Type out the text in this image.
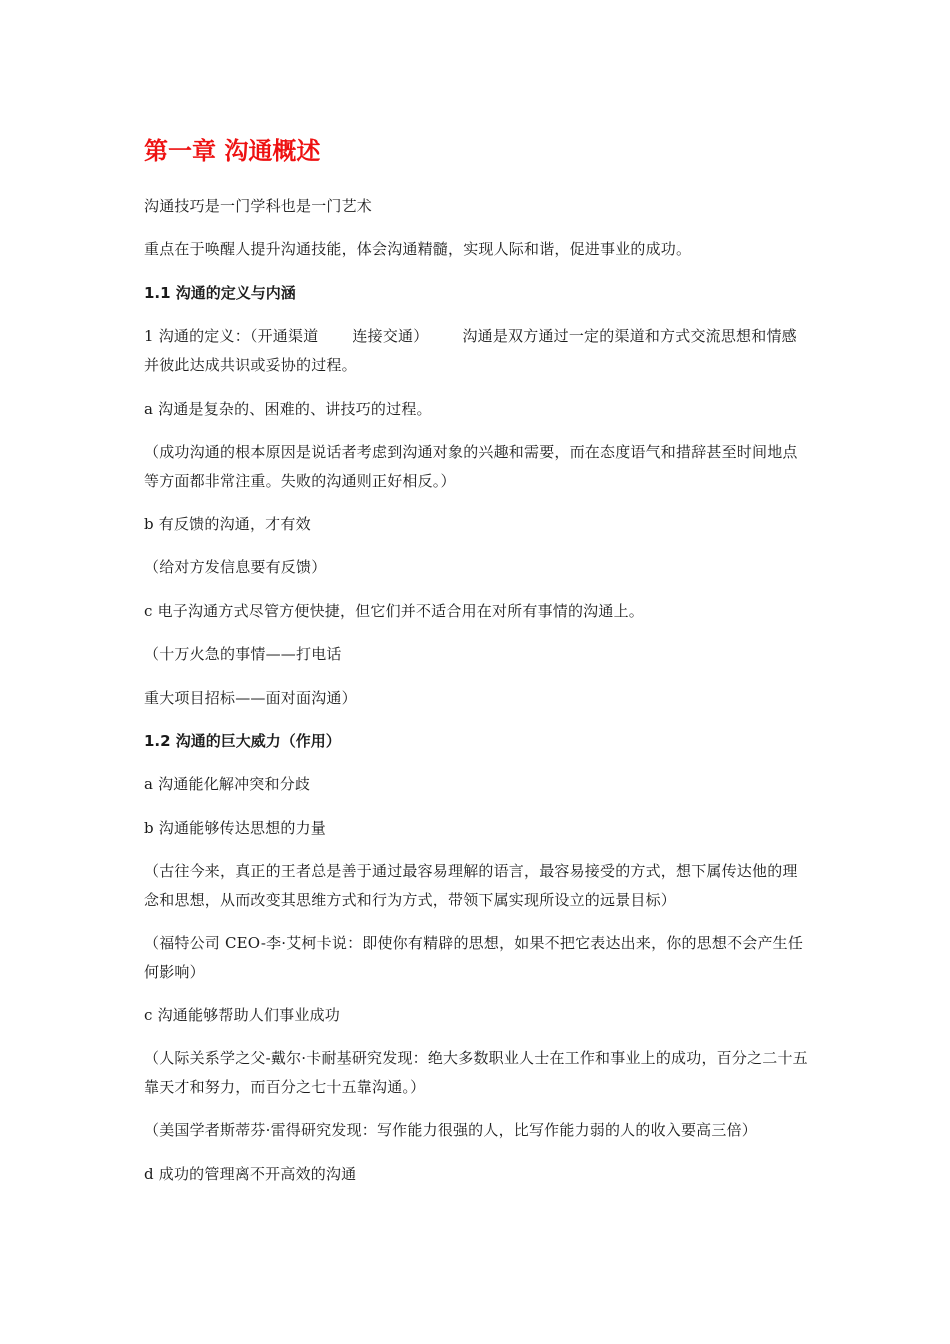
第一章 沟通概述

沟通技巧是一门学科也是一门艺术

重点在于唤醒人提升沟通技能，体会沟通精髓，实现人际和谐，促进事业的成功。

1.1 沟通的定义与内涵

1 沟通的定义：（开通渠道 连接交通） 沟通是双方通过一定的渠道和方式交流思想和情感并彼此达成共识或妥协的过程。

a 沟通是复杂的、困难的、讲技巧的过程。

（成功沟通的根本原因是说话者考虑到沟通对象的兴趣和需要，而在态度语气和措辞甚至时间地点等方面都非常注重。失败的沟通则正好相反。）

b 有反馈的沟通，才有效

（给对方发信息要有反馈）

c 电子沟通方式尽管方便快捷，但它们并不适合用在对所有事情的沟通上。

（十万火急的事情——打电话

重大项目招标——面对面沟通）

1.2 沟通的巨大威力（作用）

a 沟通能化解冲突和分歧

b 沟通能够传达思想的力量

（古往今来，真正的王者总是善于通过最容易理解的语言，最容易接受的方式，想下属传达他的理念和思想，从而改变其思维方式和行为方式，带领下属实现所设立的远景目标）

（福特公司 CEO-李·艾柯卡说：即使你有精辟的思想，如果不把它表达出来，你的思想不会产生任何影响）

c 沟通能够帮助人们事业成功

（人际关系学之父-戴尔·卡耐基研究发现：绝大多数职业人士在工作和事业上的成功，百分之二十五靠天才和努力，而百分之七十五靠沟通。）

（美国学者斯蒂芬·雷得研究发现：写作能力很强的人，比写作能力弱的人的收入要高三倍）

d 成功的管理离不开高效的沟通
